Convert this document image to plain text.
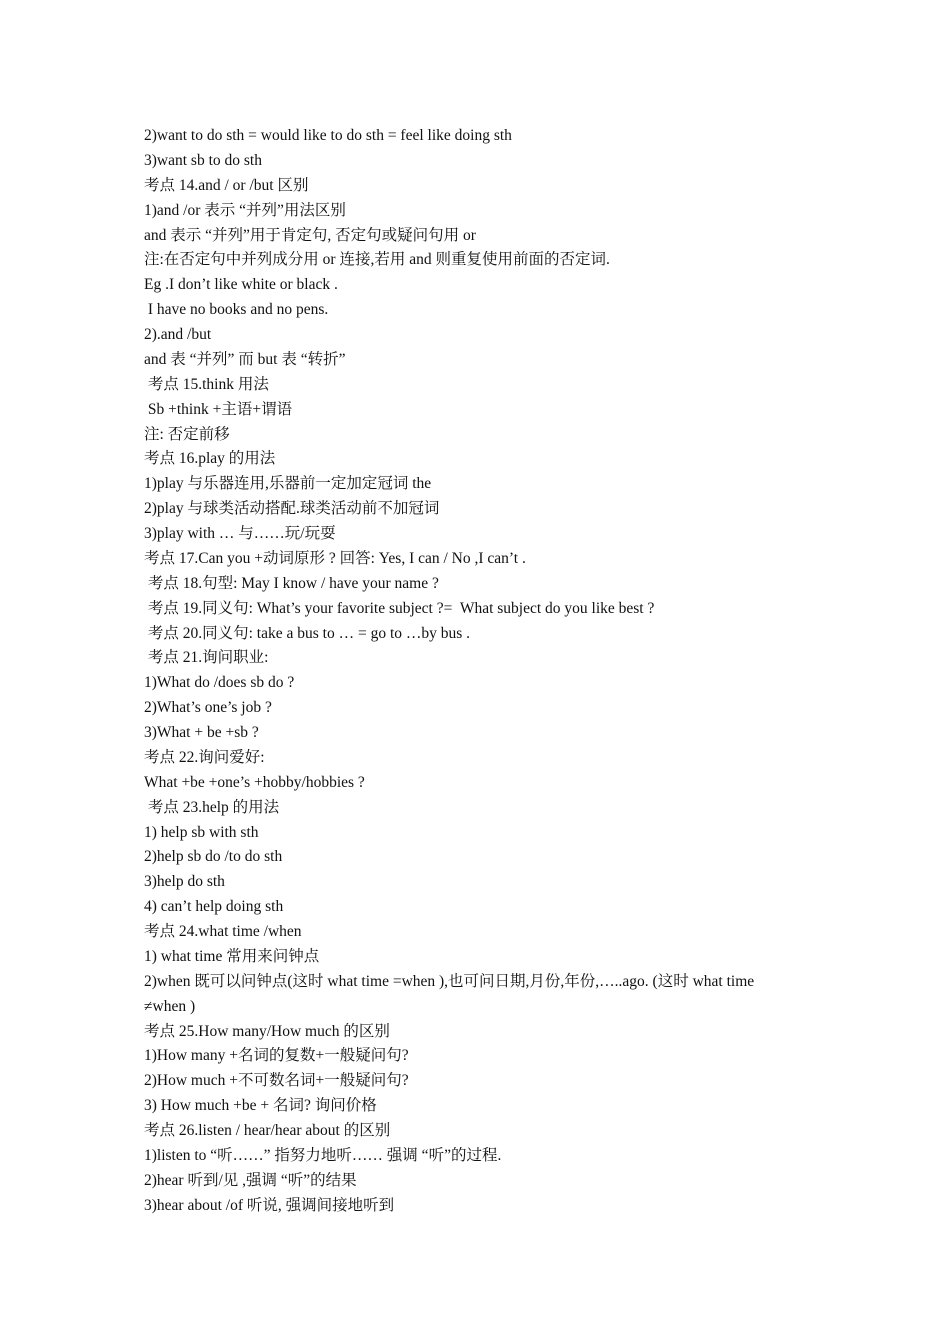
2)want to do sth = would like to do sth = feel like doing sth
3)want sb to do sth
考点 14.and / or /but 区别
1)and /or 表示 “并列”用法区别
and 表示 “并列”用于肯定句, 否定句或疑问句用 or
注:在否定句中并列成分用 or 连接,若用 and 则重复使用前面的否定词.
Eg .I don’t like white or black .
I have no books and no pens.
2).and /but
and 表 “并列” 而 but 表 “转折”
考点 15.think 用法
Sb +think +主语+谓语
注: 否定前移
考点 16.play 的用法
1)play 与乐器连用,乐器前一定加定冠词 the
2)play 与球类活动搭配.球类活动前不加冠词
3)play with … 与……玩/玩耍
考点 17.Can you +动词原形 ? 回答: Yes, I can / No ,I can’t .
考点 18.句型: May I know / have your name ?
考点 19.同义句: What’s your favorite subject ?=  What subject do you like best ?
考点 20.同义句: take a bus to … = go to …by bus .
考点 21.询问职业:
1)What do /does sb do ?
2)What’s one’s job ?
3)What + be +sb ?
考点 22.询问爱好:
What +be +one’s +hobby/hobbies ?
考点 23.help 的用法
1) help sb with sth
2)help sb do /to do sth
3)help do sth
4) can’t help doing sth
考点 24.what time /when
1) what time 常用来问钟点
2)when 既可以问钟点(这时 what time =when ),也可问日期,月份,年份,…..ago. (这时 what time
≠when )
考点 25.How many/How much 的区别
1)How many +名词的复数+一般疑问句?
2)How much +不可数名词+一般疑问句?
3) How much +be + 名词? 询问价格
考点 26.listen / hear/hear about 的区别
1)listen to “听……” 指努力地听…… 强调 “听”的过程.
2)hear 听到/见 ,强调 “听”的结果
3)hear about /of 听说, 强调间接地听到
